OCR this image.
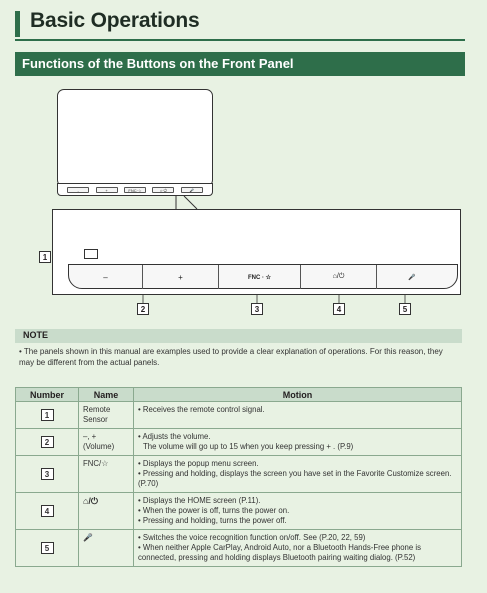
Basic Operations
Functions of the Buttons on the Front Panel
-	+	FNC·☆	⌂·⏻	🎤
–	+	FNC · ☆	⌂/⏻	🎤
1
2	3	4	5
NOTE
• The panels shown in this manual are examples used to provide a clear explanation of operations. For this reason, they may be different from the actual panels.
Number	Name	Motion
1	Remote Sensor	• Receives the remote control signal.

2	–, + (Volume)	• Adjusts the volume.
The volume will go up to 15 when you keep pressing + . (P.9)

3	FNC/☆	• Displays the popup menu screen.
• Pressing and holding, displays the screen you have set in the Favorite Customize screen. (P.70)

4	⌂/⏻	• Displays the HOME screen (P.11).
• When the power is off, turns the power on.
• Pressing and holding, turns the power off.

5	🎤	• Switches the voice recognition function on/off. See (P.20, 22, 59)
• When neither Apple CarPlay, Android Auto, nor a Bluetooth Hands-Free phone is connected, pressing and holding displays Bluetooth pairing waiting dialog. (P.52)
